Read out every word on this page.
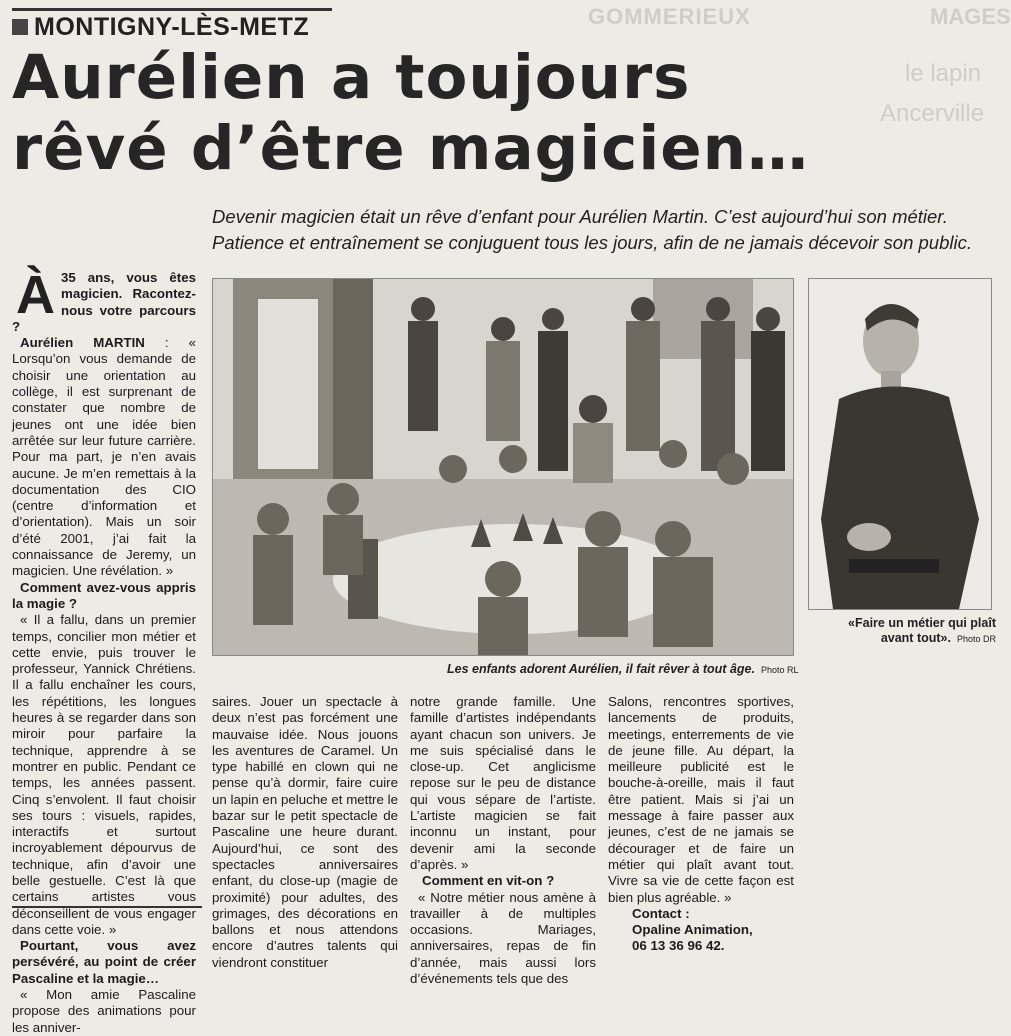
GOMMERIEUX	MAGES
le lapin
Ancerville
MONTIGNY-LÈS-METZ
Aurélien a toujours
rêvé d’être magicien…
Devenir magicien était un rêve d’enfant pour Aurélien Martin. C’est aujourd’hui son métier.
Patience et entraînement se conjuguent tous les jours, afin de ne jamais décevoir son public.
À 35 ans, vous êtes magicien. Racontez-nous votre parcours ?

Aurélien MARTIN : « Lorsqu’on vous demande de choisir une orientation au collège, il est surprenant de constater que nombre de jeunes ont une idée bien arrêtée sur leur future carrière. Pour ma part, je n’en avais aucune. Je m’en remettais à la documentation des CIO (centre d’information et d’orientation). Mais un soir d’été 2001, j’ai fait la connaissance de Jeremy, un magicien. Une révélation. »

Comment avez-vous appris la magie ?

« Il a fallu, dans un premier temps, concilier mon métier et cette envie, puis trouver le professeur, Yannick Chrétiens. Il a fallu enchaîner les cours, les répétitions, les longues heures à se regarder dans son miroir pour parfaire la technique, apprendre à se montrer en public. Pendant ce temps, les années passent. Cinq s’envolent. Il faut choisir ses tours : visuels, rapides, interactifs et surtout incroyablement dépourvus de technique, afin d’avoir une belle gestuelle. C’est là que certains artistes vous déconseillent de vous engager dans cette voie. »

Pourtant, vous avez persévéré, au point de créer Pascaline et la magie…

« Mon amie Pascaline propose des animations pour les anniver-

Les enfants adorent Aurélien, il fait rêver à tout âge. Photo RL
«Faire un métier qui plaît
avant tout». Photo DR

saires. Jouer un spectacle à deux n’est pas forcément une mauvaise idée. Nous jouons les aventures de Caramel. Un type habillé en clown qui ne pense qu’à dormir, faire cuire un lapin en peluche et mettre le bazar sur le petit spectacle de Pascaline une heure durant. Aujourd’hui, ce sont des spectacles anniversaires enfant, du close-up (magie de proximité) pour adultes, des grimages, des décorations en ballons et nous attendons encore d’autres talents qui viendront constituer

notre grande famille. Une famille d’artistes indépendants ayant chacun son univers. Je me suis spécialisé dans le close-up. Cet anglicisme repose sur le peu de distance qui vous sépare de l’artiste. L’artiste magicien se fait inconnu un instant, pour devenir ami la seconde d’après. »

Comment en vit-on ?

« Notre métier nous amène à travailler à de multiples occasions. Mariages, anniversaires, repas de fin d’année, mais aussi lors d’événements tels que des

Salons, rencontres sportives, lancements de produits, meetings, enterrements de vie de jeune fille. Au départ, la meilleure publicité est le bouche-à-oreille, mais il faut être patient. Mais si j’ai un message à faire passer aux jeunes, c’est de ne jamais se décourager et de faire un métier qui plaît avant tout. Vivre sa vie de cette façon est bien plus agréable. »

Contact :

Opaline Animation,

06 13 36 96 42.
